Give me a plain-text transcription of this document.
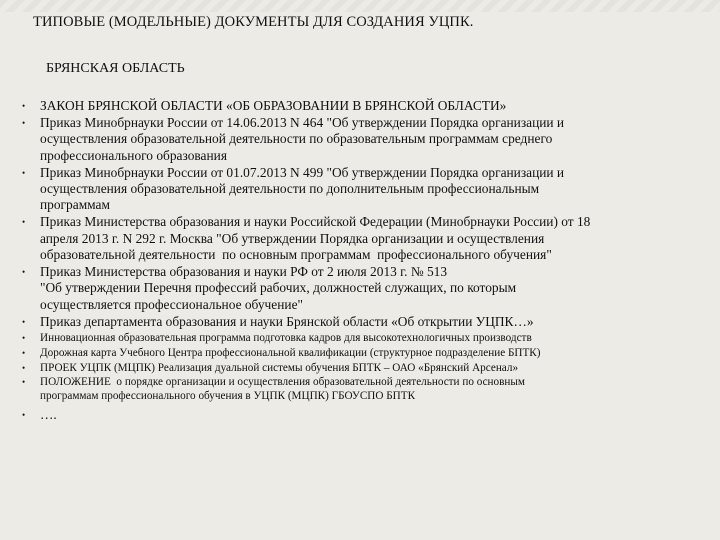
ТИПОВЫЕ (МОДЕЛЬНЫЕ) ДОКУМЕНТЫ ДЛЯ СОЗДАНИЯ УЦПК.
БРЯНСКАЯ ОБЛАСТЬ
• ЗАКОН БРЯНСКОЙ ОБЛАСТИ «ОБ ОБРАЗОВАНИИ В БРЯНСКОЙ ОБЛАСТИ»
• Приказ Минобрнауки России от 14.06.2013 N 464 "Об утверждении Порядка организации и
осуществления образовательной деятельности по образовательным программам среднего
профессионального образования
• Приказ Минобрнауки России от 01.07.2013 N 499 "Об утверждении Порядка организации и
осуществления образовательной деятельности по дополнительным профессиональным
программам
• Приказ Министерства образования и науки Российской Федерации (Минобрнауки России) от 18
апреля 2013 г. N 292 г. Москва "Об утверждении Порядка организации и осуществления
образовательной деятельности  по основным программам  профессионального обучения"
• Приказ Министерства образования и науки РФ от 2 июля 2013 г. № 513
"Об утверждении Перечня профессий рабочих, должностей служащих, по которым
осуществляется профессиональное обучение"
• Приказ департамента образования и науки Брянской области «Об открытии УЦПК…»
• Инновационная образовательная программа подготовка кадров для высокотехнологичных производств
• Дорожная карта Учебного Центра профессиональной квалификации (структурное подразделение БПТК)
• ПРОЕК УЦПК (МЦПК) Реализация дуальной системы обучения БПТК – ОАО «Брянский Арсенал»
• ПОЛОЖЕНИЕ  о порядке организации и осуществления образовательной деятельности по основным
программам профессионального обучения в УЦПК (МЦПК) ГБОУСПО БПТК
• ….
